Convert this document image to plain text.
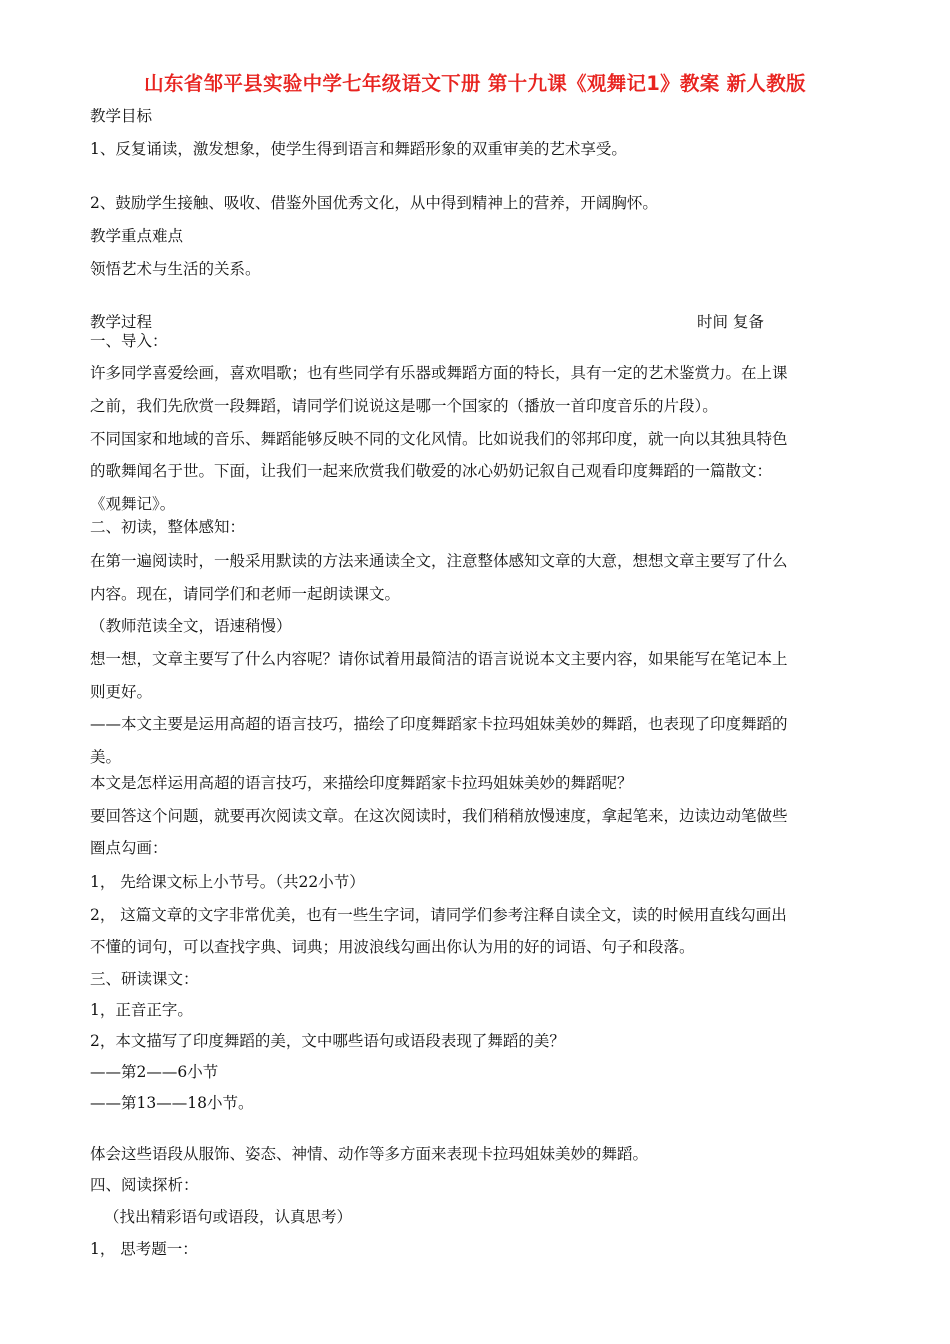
山东省邹平县实验中学七年级语文下册 第十九课《观舞记1》教案 新人教版
教学目标
1、反复诵读，激发想象，使学生得到语言和舞蹈形象的双重审美的艺术享受。
2、鼓励学生接触、吸收、借鉴外国优秀文化，从中得到精神上的营养，开阔胸怀。
教学重点难点
领悟艺术与生活的关系。
教学过程	时间 复备
一、导入：
许多同学喜爱绘画，喜欢唱歌；也有些同学有乐器或舞蹈方面的特长，具有一定的艺术鉴赏力。在上课
之前，我们先欣赏一段舞蹈，请同学们说说这是哪一个国家的（播放一首印度音乐的片段）。
不同国家和地域的音乐、舞蹈能够反映不同的文化风情。比如说我们的邻邦印度，就一向以其独具特色
的歌舞闻名于世。下面，让我们一起来欣赏我们敬爱的冰心奶奶记叙自己观看印度舞蹈的一篇散文：
《观舞记》。
二、初读，整体感知：
在第一遍阅读时，一般采用默读的方法来通读全文，注意整体感知文章的大意，想想文章主要写了什么
内容。现在，请同学们和老师一起朗读课文。
（教师范读全文，语速稍慢）
想一想，文章主要写了什么内容呢？请你试着用最简洁的语言说说本文主要内容，如果能写在笔记本上
则更好。
——本文主要是运用高超的语言技巧，描绘了印度舞蹈家卡拉玛姐妹美妙的舞蹈，也表现了印度舞蹈的
美。
本文是怎样运用高超的语言技巧，来描绘印度舞蹈家卡拉玛姐妹美妙的舞蹈呢？
要回答这个问题，就要再次阅读文章。在这次阅读时，我们稍稍放慢速度，拿起笔来，边读边动笔做些
圈点勾画：
1， 先给课文标上小节号。（共22小节）
2， 这篇文章的文字非常优美，也有一些生字词，请同学们参考注释自读全文，读的时候用直线勾画出
不懂的词句，可以查找字典、词典；用波浪线勾画出你认为用的好的词语、句子和段落。
三、研读课文：
1，正音正字。
2，本文描写了印度舞蹈的美，文中哪些语句或语段表现了舞蹈的美？
——第2——6小节
——第13——18小节。
体会这些语段从服饰、姿态、神情、动作等多方面来表现卡拉玛姐妹美妙的舞蹈。
四、阅读探析：
（找出精彩语句或语段，认真思考）
1， 思考题一：
